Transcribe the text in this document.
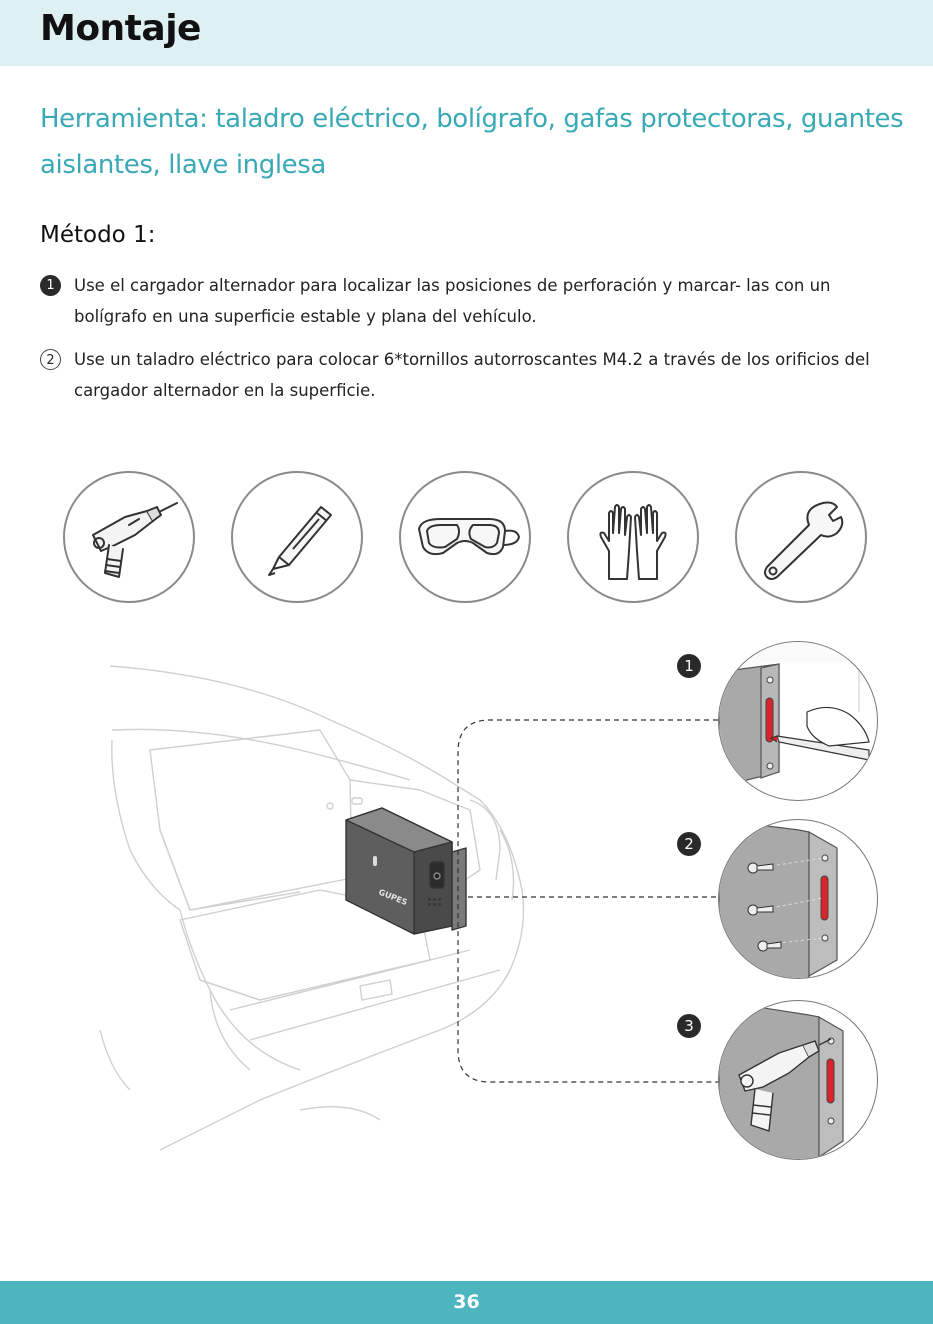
Montaje
Herramienta: taladro eléctrico, bolígrafo, gafas protectoras, guantes aislantes, llave inglesa
Método 1:
1	Use el cargador alternador para localizar las posiciones de perforación y marcar- las con un bolígrafo en una superficie estable y plana del vehículo.

2	Use un taladro eléctrico para colocar 6*tornillos autorroscantes M4.2 a través de los orificios del cargador alternador en la superficie.

GUPES
1
2
3
36
